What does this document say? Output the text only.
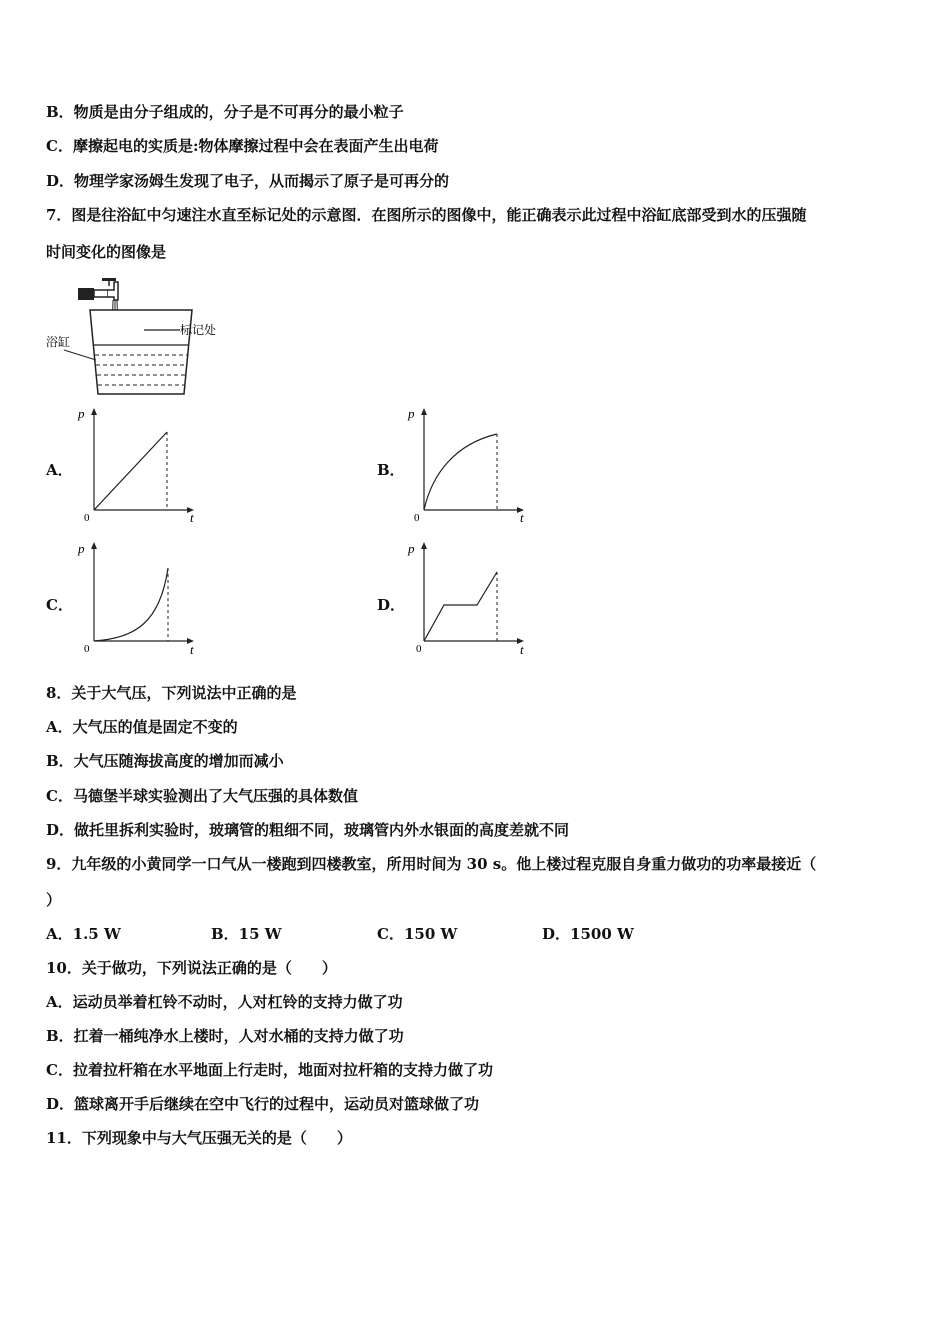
B．物质是由分子组成的，分子是不可再分的最小粒子
C．摩擦起电的实质是:物体摩擦过程中会在表面产生出电荷
D．物理学家汤姆生发现了电子，从而揭示了原子是可再分的
7．图是往浴缸中匀速注水直至标记处的示意图．在图所示的图像中，能正确表示此过程中浴缸底部受到水的压强随
时间变化的图像是
标记处
浴缸
A．	B．
C．	D．
p
t
0
p
t
0
p
t
0
p
t
0
8．关于大气压，下列说法中正确的是
A．大气压的值是固定不变的
B．大气压随海拔高度的增加而减小
C．马德堡半球实验测出了大气压强的具体数值
D．做托里拆利实验时，玻璃管的粗细不同，玻璃管内外水银面的高度差就不同
9．九年级的小黄同学一口气从一楼跑到四楼教室，所用时间为 30 s。他上楼过程克服自身重力做功的功率最接近（
）
A．1.5 W	B．15 W	C．150 W	D．1500 W
10．关于做功，下列说法正确的是（　　）
A．运动员举着杠铃不动时，人对杠铃的支持力做了功
B．扛着一桶纯净水上楼时，人对水桶的支持力做了功
C．拉着拉杆箱在水平地面上行走时，地面对拉杆箱的支持力做了功
D．篮球离开手后继续在空中飞行的过程中，运动员对篮球做了功
11．下列现象中与大气压强无关的是（　　）
